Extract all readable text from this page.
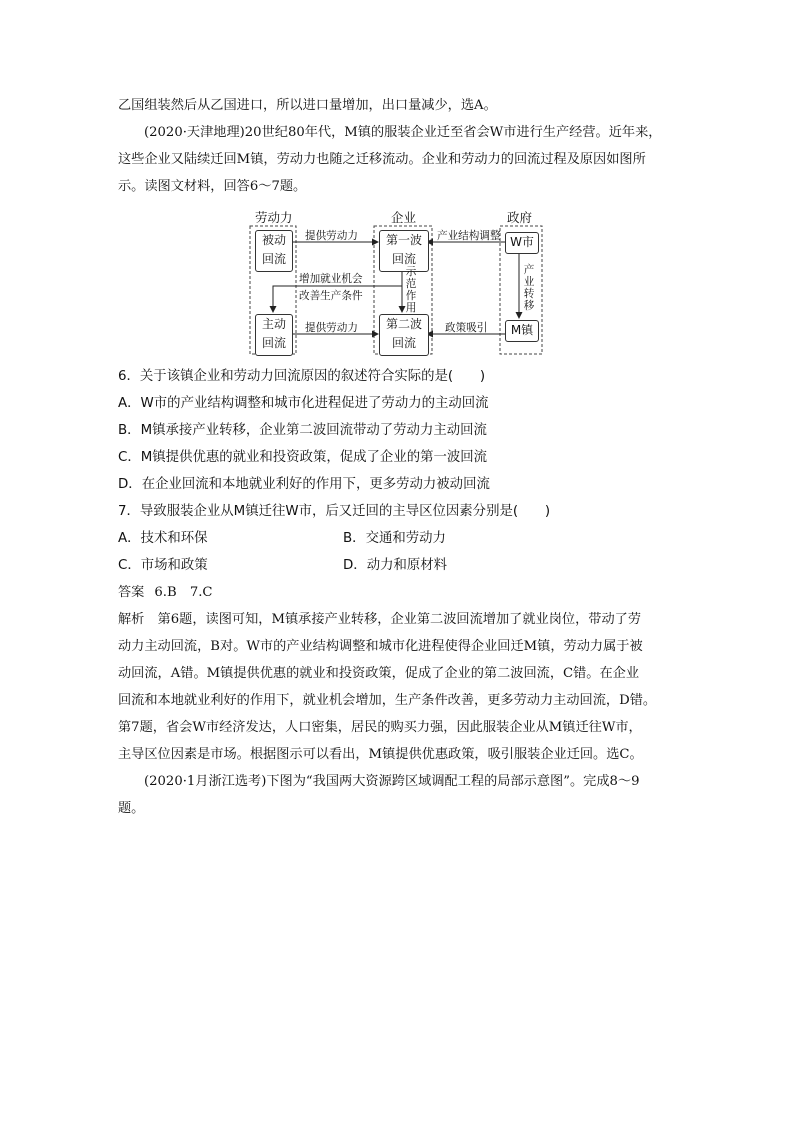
乙国组装然后从乙国进口，所以进口量增加，出口量减少，选A。
(2020·天津地理)20世纪80年代，M镇的服装企业迁至省会W市进行生产经营。近年来，
这些企业又陆续迁回M镇，劳动力也随之迁移流动。企业和劳动力的回流过程及原因如图所
示。读图文材料，回答6～7题。
劳动力	企业	政府
被动
回流
主动
回流
第一波
回流
第二波
回流
W市
M镇
提供劳动力	产业结构调整
增加就业机会
改善生产条件
提供劳动力	政策吸引
示
范
作
用
产
业
转
移
6．关于该镇企业和劳动力回流原因的叙述符合实际的是(　　)
A．W市的产业结构调整和城市化进程促进了劳动力的主动回流
B．M镇承接产业转移，企业第二波回流带动了劳动力主动回流
C．M镇提供优惠的就业和投资政策，促成了企业的第一波回流
D．在企业回流和本地就业利好的作用下，更多劳动力被动回流
7．导致服装企业从M镇迁往W市，后又迁回的主导区位因素分别是(　　)
A．技术和环保	B．交通和劳动力
C．市场和政策	D．动力和原材料
答案 6.B　7.C
解析　第6题，读图可知，M镇承接产业转移，企业第二波回流增加了就业岗位，带动了劳
动力主动回流，B对。W市的产业结构调整和城市化进程使得企业回迁M镇，劳动力属于被
动回流，A错。M镇提供优惠的就业和投资政策，促成了企业的第二波回流，C错。在企业
回流和本地就业利好的作用下，就业机会增加，生产条件改善，更多劳动力主动回流，D错。
第7题，省会W市经济发达，人口密集，居民的购买力强，因此服装企业从M镇迁往W市，
主导区位因素是市场。根据图示可以看出，M镇提供优惠政策，吸引服装企业迁回。选C。
(2020·1月浙江选考)下图为“我国两大资源跨区域调配工程的局部示意图”。完成8～9
题。
